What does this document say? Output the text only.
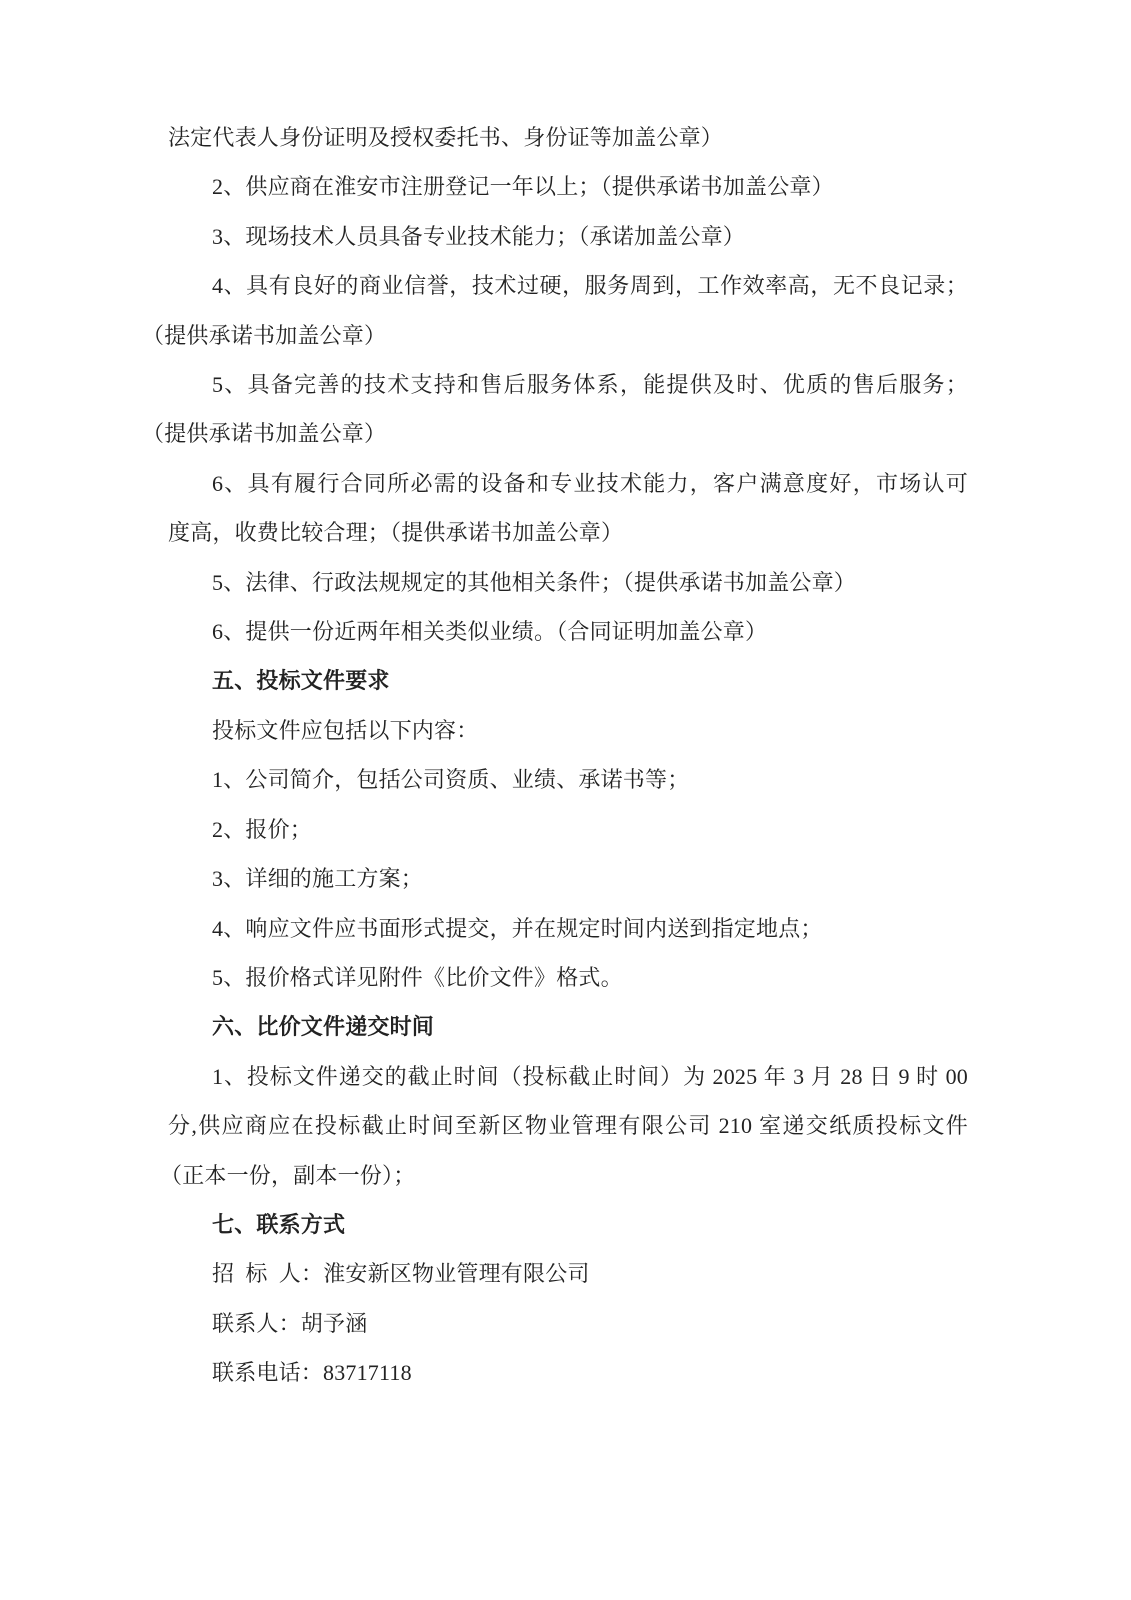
法定代表人身份证明及授权委托书、身份证等加盖公章）

2、供应商在淮安市注册登记一年以上；（提供承诺书加盖公章）

3、现场技术人员具备专业技术能力；（承诺加盖公章）

4、具有良好的商业信誉，技术过硬，服务周到，工作效率高，无不良记录；

（提供承诺书加盖公章）

5、具备完善的技术支持和售后服务体系，能提供及时、优质的售后服务；

（提供承诺书加盖公章）

6、具有履行合同所必需的设备和专业技术能力，客户满意度好，市场认可

度高，收费比较合理；（提供承诺书加盖公章）

5、法律、行政法规规定的其他相关条件；（提供承诺书加盖公章）

6、提供一份近两年相关类似业绩。（合同证明加盖公章）

五、投标文件要求

投标文件应包括以下内容：

1、公司简介，包括公司资质、业绩、承诺书等；

2、报价；

3、详细的施工方案；

4、响应文件应书面形式提交，并在规定时间内送到指定地点；

5、报价格式详见附件《比价文件》格式。

六、比价文件递交时间

1、投标文件递交的截止时间（投标截止时间）为 2025 年 3 月 28 日 9 时 00

分,供应商应在投标截止时间至新区物业管理有限公司 210 室递交纸质投标文件

（正本一份，副本一份）；

七、联系方式

招 标 人：淮安新区物业管理有限公司

联系人：胡予涵

联系电话：83717118
